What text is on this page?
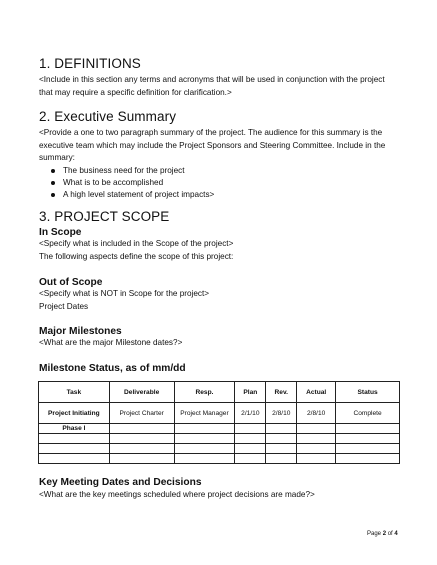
1. DEFINITIONS

<Include in this section any terms and acronyms that will be used in conjunction with the project that may require a specific definition for clarification.>

2. Executive Summary

<Provide a one to two paragraph summary of the project. The audience for this summary is the executive team which may include the Project Sponsors and Steering Committee. Include in the summary:

The business need for the project
What is to be accomplished
A high level statement of project impacts>
3. PROJECT SCOPE
In Scope

<Specify what is included in the Scope of the project>

The following aspects define the scope of this project:

Out of Scope

<Specify what is NOT in Scope for the project>

Project Dates

Major Milestones

<What are the major Milestone dates?>

Milestone Status, as of mm/dd
Task	Deliverable	Resp.	Plan	Rev.	Actual	Status
Project Initiating	Project Charter	Project Manager	2/1/10	2/8/10	2/8/10	Complete
Phase I						

Key Meeting Dates and Decisions

<What are the key meetings scheduled where project decisions are made?>

Page 2 of 4
